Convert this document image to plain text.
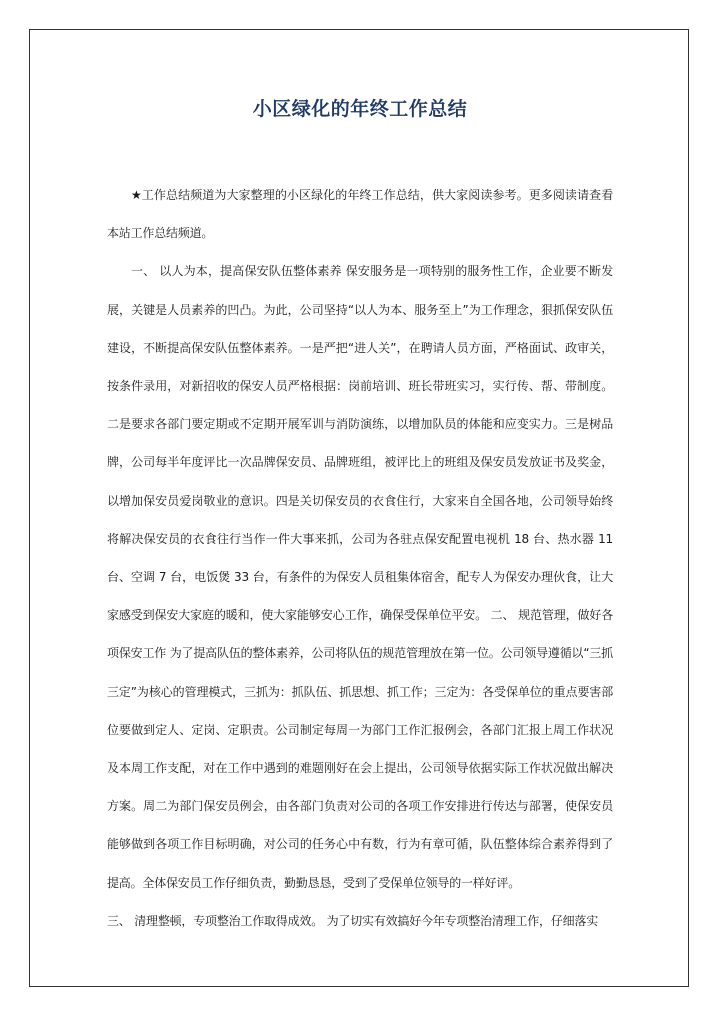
小区绿化的年终工作总结

★工作总结频道为大家整理的小区绿化的年终工作总结，供大家阅读参考。更多阅读请查看本站工作总结频道。

一、 以人为本，提高保安队伍整体素养 保安服务是一项特别的服务性工作，企业要不断发展，关键是人员素养的凹凸。为此，公司坚持“以人为本、服务至上”为工作理念，狠抓保安队伍建设，不断提高保安队伍整体素养。一是严把“进人关”，在聘请人员方面，严格面试、政审关，按条件录用，对新招收的保安人员严格根据：岗前培训、班长带班实习，实行传、帮、带制度。二是要求各部门要定期或不定期开展军训与消防演练，以增加队员的体能和应变实力。三是树品牌，公司每半年度评比一次品牌保安员、品牌班组，被评比上的班组及保安员发放证书及奖金，以增加保安员爱岗敬业的意识。四是关切保安员的衣食住行，大家来自全国各地，公司领导始终将解决保安员的衣食往行当作一件大事来抓，公司为各驻点保安配置电视机 18 台、热水器 11 台、空调 7 台，电饭煲 33 台，有条件的为保安人员租集体宿舍，配专人为保安办理伙食，让大家感受到保安大家庭的暖和，使大家能够安心工作，确保受保单位平安。 二、 规范管理，做好各项保安工作 为了提高队伍的整体素养，公司将队伍的规范管理放在第一位。公司领导遵循以“三抓三定”为核心的管理模式，三抓为：抓队伍、抓思想、抓工作；三定为：各受保单位的重点要害部位要做到定人、定岗、定职责。公司制定每周一为部门工作汇报例会，各部门汇报上周工作状况及本周工作支配，对在工作中遇到的难题刚好在会上提出，公司领导依据实际工作状况做出解决方案。周二为部门保安员例会，由各部门负责对公司的各项工作安排进行传达与部署，使保安员能够做到各项工作目标明确，对公司的任务心中有数，行为有章可循，队伍整体综合素养得到了提高。全体保安员工作仔细负责，勤勤恳恳，受到了受保单位领导的一样好评。

三、 清理整顿，专项整治工作取得成效。 为了切实有效搞好今年专项整治清理工作，仔细落实
